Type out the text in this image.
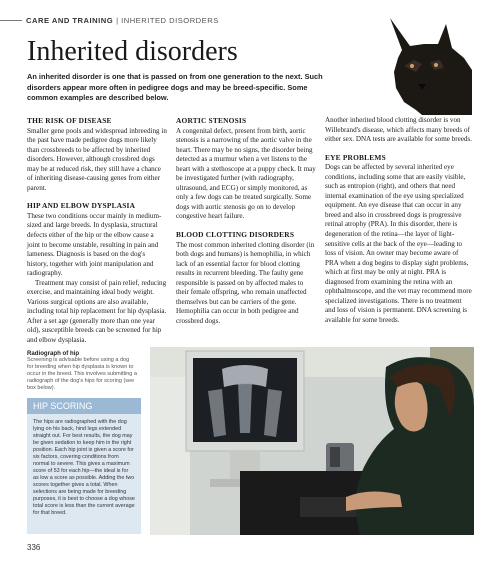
CARE AND TRAINING | INHERITED DISORDERS
Inherited disorders

An inherited disorder is one that is passed on from one generation to the next. Such disorders appear more often in pedigree dogs and may be breed-specific. Some common examples are described below.

THE RISK OF DISEASE

Smaller gene pools and widespread inbreeding in the past have made pedigree dogs more likely than crossbreeds to be affected by inherited disorders. However, although crossbred dogs may be at reduced risk, they still have a chance of inheriting disease-causing genes from either parent.

HIP AND ELBOW DYSPLASIA

These two conditions occur mainly in medium-sized and large breeds. In dysplasia, structural defects either of the hip or the elbow cause a joint to become unstable, resulting in pain and lameness. Diagnosis is based on the dog's history, together with joint manipulation and radiography.

Treatment may consist of pain relief, reducing exercise, and maintaining ideal body weight. Various surgical options are also available, including total hip replacement for hip dysplasia. After a set age (generally more than one year old), susceptible breeds can be screened for hip and elbow dysplasia.

AORTIC STENOSIS

A congenital defect, present from birth, aortic stenosis is a narrowing of the aortic valve in the heart. There may be no signs, the disorder being detected as a murmur when a vet listens to the heart with a stethoscope at a puppy check. It may be investigated further (with radiography, ultrasound, and ECG) or simply monitored, as only a few dogs can be treated surgically. Some dogs with aortic stenosis go on to develop congestive heart failure.

BLOOD CLOTTING DISORDERS

The most common inherited clotting disorder (in both dogs and humans) is hemophilia, in which lack of an essential factor for blood clotting results in recurrent bleeding. The faulty gene responsible is passed on by affected males to their female offspring, who remain unaffected themselves but can be carriers of the gene. Hemophilia can occur in both pedigree and crossbred dogs.

Another inherited blood clotting disorder is von Willebrand's disease, which affects many breeds of either sex. DNA tests are available for some breeds.

EYE PROBLEMS

Dogs can be affected by several inherited eye conditions, including some that are easily visible, such as entropion (right), and others that need internal examination of the eye using specialized equipment. An eye disease that can occur in any breed and also in crossbreed dogs is progressive retinal atrophy (PRA). In this disorder, there is degeneration of the retina—the layer of light-sensitive cells at the back of the eye—leading to loss of vision. An owner may become aware of PRA when a dog begins to display sight problems, which at first may be only at night. PRA is diagnosed from examining the retina with an ophthalmoscope, and the vet may recommend more specialized investigations. There is no treatment and loss of vision is permanent. DNA screening is available for some breeds.

Radiograph of hip
Screening is advisable before using a dog for breeding when hip dysplasia is known to occur in the breed. This involves submitting a radiograph of the dog's hips for scoring (see box below).
HIP SCORING
The hips are radiographed with the dog lying on his back, hind legs extended straight out. For best results, the dog may be given sedation to keep him in the right position. Each hip joint is given a score for six factors, covering conditions from normal to severe. This gives a maximum score of 53 for each hip—the ideal is for as low a score as possible. Adding the two scores together gives a total. When selections are being made for breeding purposes, it is best to choose a dog whose total score is less than the current average for that breed.
336
